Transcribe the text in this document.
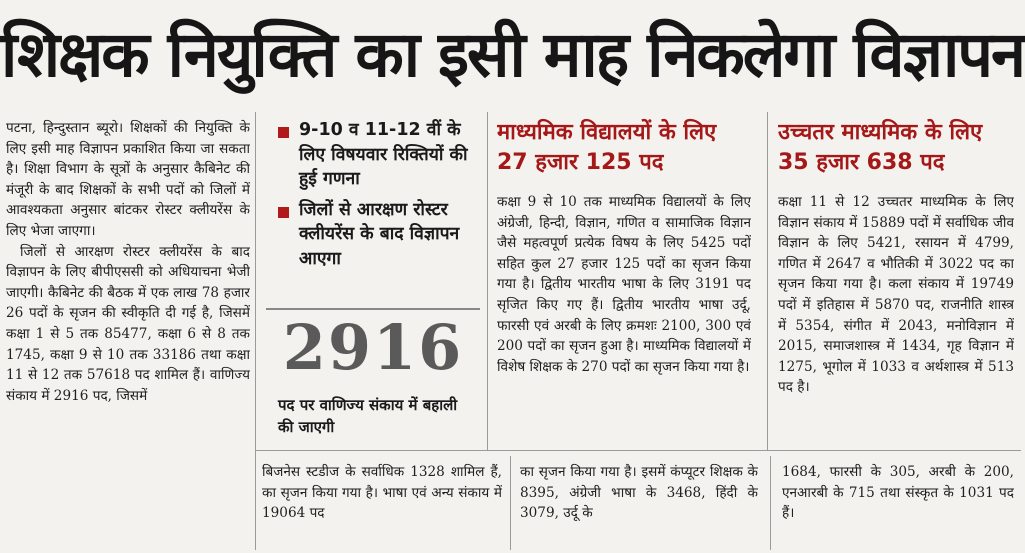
शिक्षक नियुक्ति का इसी माह निकलेगा विज्ञापन

पटना, हिन्दुस्तान ब्यूरो। शिक्षकों की नियुक्ति के लिए इसी माह विज्ञापन प्रकाशित किया जा सकता है। शिक्षा विभाग के सूत्रों के अनुसार कैबिनेट की मंजूरी के बाद शिक्षकों के सभी पदों को जिलों में आवश्यकता अनुसार बांटकर रोस्टर क्लीयरेंस के लिए भेजा जाएगा।

जिलों से आरक्षण रोस्टर क्लीयरेंस के बाद विज्ञापन के लिए बीपीएससी को अधियाचना भेजी जाएगी। कैबिनेट की बैठक में एक लाख 78 हजार 26 पदों के सृजन की स्वीकृति दी गई है, जिसमें कक्षा 1 से 5 तक 85477, कक्षा 6 से 8 तक 1745, कक्षा 9 से 10 तक 33186 तथा कक्षा 11 से 12 तक 57618 पद शामिल हैं। वाणिज्य संकाय में 2916 पद, जिसमें

9-10 व 11-12 वीं के लिए विषयवार रिक्तियों की हुई गणना
जिलों से आरक्षण रोस्टर क्लीयरेंस के बाद विज्ञापन आएगा
2916
पद पर वाणिज्य संकाय में बहाली की जाएगी
माध्यमिक विद्यालयों के लिए
27 हजार 125 पद

कक्षा 9 से 10 तक माध्यमिक विद्यालयों के लिए अंग्रेजी, हिन्दी, विज्ञान, गणित व सामाजिक विज्ञान जैसे महत्वपूर्ण प्रत्येक विषय के लिए 5425 पदों सहित कुल 27 हजार 125 पदों का सृजन किया गया है। द्वितीय भारतीय भाषा के लिए 3191 पद सृजित किए गए हैं। द्वितीय भारतीय भाषा उर्दू, फारसी एवं अरबी के लिए क्रमशः 2100, 300 एवं 200 पदों का सृजन हुआ है। माध्यमिक विद्यालयों में विशेष शिक्षक के 270 पदों का सृजन किया गया है।

उच्चतर माध्यमिक के लिए
35 हजार 638 पद

कक्षा 11 से 12 उच्चतर माध्यमिक के लिए विज्ञान संकाय में 15889 पदों में सर्वाधिक जीव विज्ञान के लिए 5421, रसायन में 4799, गणित में 2647 व भौतिकी में 3022 पद का सृजन किया गया है। कला संकाय में 19749 पदों में इतिहास में 5870 पद, राजनीति शास्त्र में 5354, संगीत में 2043, मनोविज्ञान में 2015, समाजशास्त्र में 1434, गृह विज्ञान में 1275, भूगोल में 1033 व अर्थशास्त्र में 513 पद है।

बिजनेस स्टडीज के सर्वाधिक 1328 शामिल हैं, का सृजन किया गया है। भाषा एवं अन्य संकाय में 19064 पद

का सृजन किया गया है। इसमें कंप्यूटर शिक्षक के 8395, अंग्रेजी भाषा के 3468, हिंदी के 3079, उर्दू के

1684, फारसी के 305, अरबी के 200, एनआरबी के 715 तथा संस्कृत के 1031 पद हैं।
